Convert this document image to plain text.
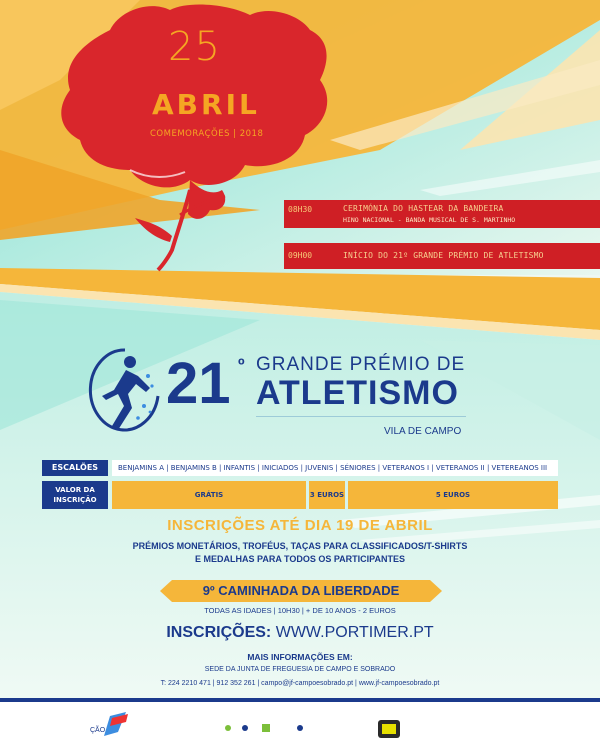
25
ABRIL
COMEMORAÇÕES | 2018
08H30	CERIMÓNIA DO HASTEAR DA BANDEIRA
HINO NACIONAL - BANDA MUSICAL DE S. MARTINHO
09H00	INÍCIO DO 21º GRANDE PRÉMIO DE ATLETISMO
21 º GRANDE PRÉMIO DE
ATLETISMO
VILA DE CAMPO
ESCALÕES	BENJAMINS A | BENJAMINS B | INFANTIS | INICIADOS | JUVENIS | SÉNIORES | VETERANOS I | VETERANOS II | VETEREANOS III
VALOR DA
INSCRIÇÃO
GRÁTIS	3 EUROS	5 EUROS
INSCRIÇÕES ATÉ DIA 19 DE ABRIL
PRÉMIOS MONETÁRIOS, TROFÉUS, TAÇAS PARA CLASSIFICADOS/T-SHIRTS
E MEDALHAS PARA TODOS OS PARTICIPANTES
9º CAMINHADA DA LIBERDADE
TODAS AS IDADES | 10H30 | + DE 10 ANOS - 2 EUROS
INSCRIÇÕES: WWW.PORTIMER.PT
MAIS INFORMAÇÕES EM:
SEDE DA JUNTA DE FREGUESIA DE CAMPO E SOBRADO
T: 224 2210 471 | 912 352 261 | campo@jf-campoesobrado.pt | www.jf-campoesobrado.pt
ÇÃO
